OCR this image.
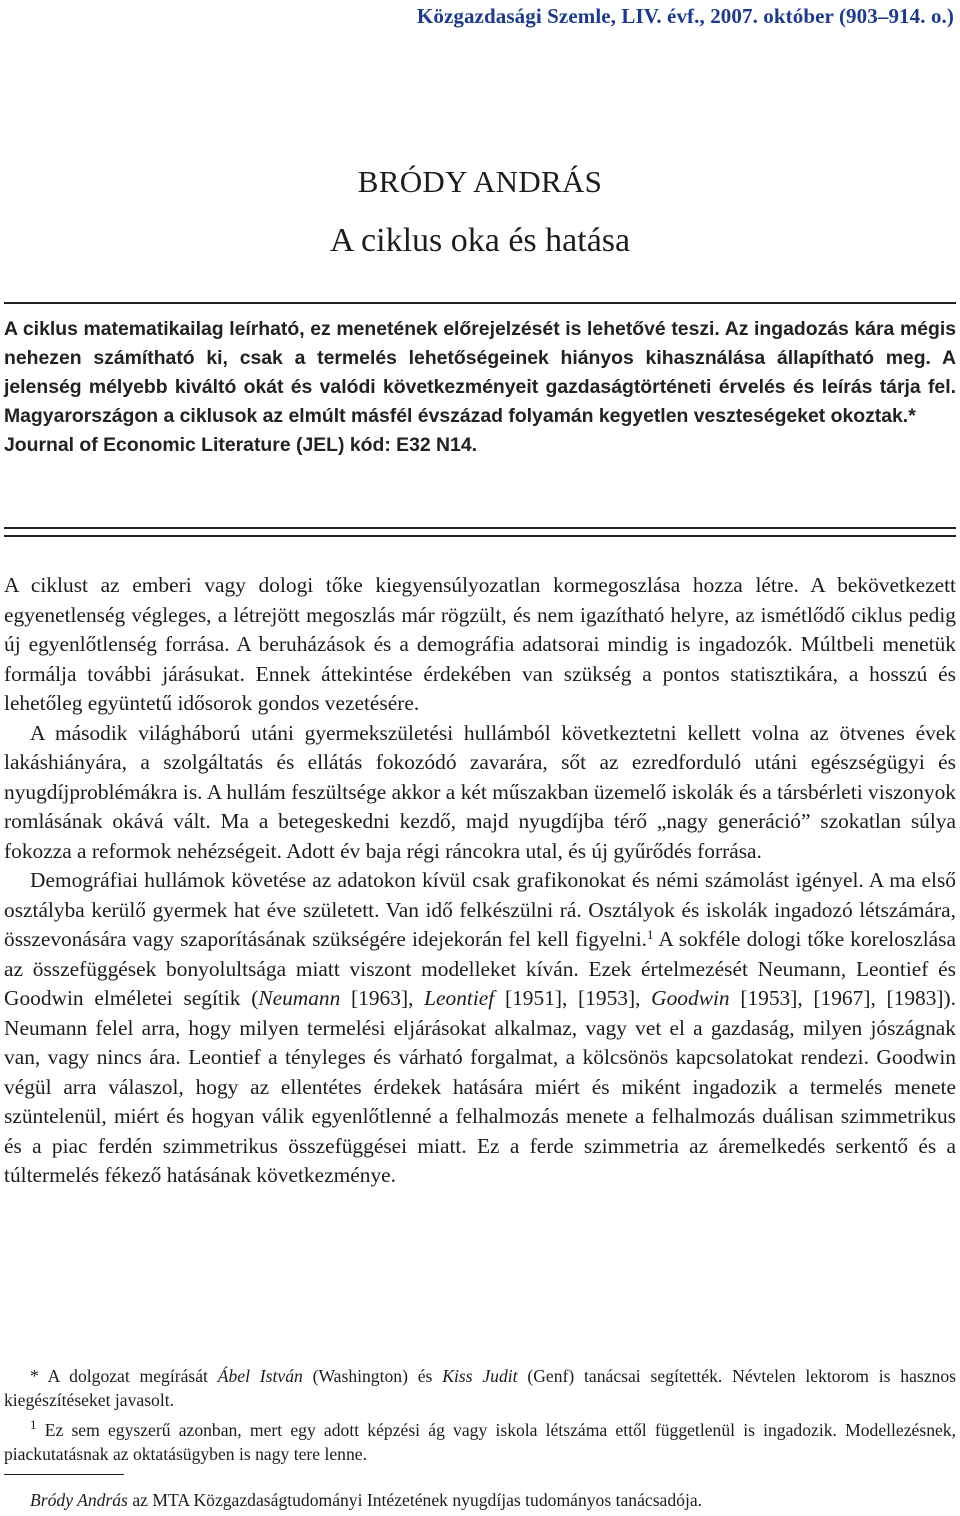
Közgazdasági Szemle, LIV. évf., 2007. október (903–914. o.)
BRÓDY ANDRÁS
A ciklus oka és hatása

A ciklus matematikailag leírható, ez menetének előrejelzését is lehetővé teszi. Az ingadozás kára mégis nehezen számítható ki, csak a termelés lehetőségeinek hiányos kihasználása állapítható meg. A jelenség mélyebb kiváltó okát és valódi következményeit gazdaságtörténeti érvelés és leírás tárja fel. Magyarországon a ciklusok az elmúlt másfél évszázad folyamán kegyetlen veszteségeket okoztak.*

Journal of Economic Literature (JEL) kód: E32 N14.

A ciklust az emberi vagy dologi tőke kiegyensúlyozatlan kormegoszlása hozza létre. A bekövetkezett egyenetlenség végleges, a létrejött megoszlás már rögzült, és nem igazítható helyre, az ismétlődő ciklus pedig új egyenlőtlenség forrása. A beruházások és a demográfia adatsorai mindig is ingadozók. Múltbeli menetük formálja további járásukat. Ennek áttekintése érdekében van szükség a pontos statisztikára, a hosszú és lehetőleg együntetű idősorok gondos vezetésére.

A második világháború utáni gyermekszületési hullámból következtetni kellett volna az ötvenes évek lakáshiányára, a szolgáltatás és ellátás fokozódó zavarára, sőt az ezredforduló utáni egészségügyi és nyugdíjproblémákra is. A hullám feszültsége akkor a két műszakban üzemelő iskolák és a társbérleti viszonyok romlásának okává vált. Ma a betegeskedni kezdő, majd nyugdíjba térő „nagy generáció” szokatlan súlya fokozza a reformok nehézségeit. Adott év baja régi ráncokra utal, és új gyűrődés forrása.

Demográfiai hullámok követése az adatokon kívül csak grafikonokat és némi számolást igényel. A ma első osztályba kerülő gyermek hat éve született. Van idő felkészülni rá. Osztályok és iskolák ingadozó létszámára, összevonására vagy szaporításának szükségére idejekorán fel kell figyelni.$^1$ A sokféle dologi tőke koreloszlása az összefüggések bonyolultsága miatt viszont modelleket kíván. Ezek értelmezését Neumann, Leontief és Goodwin elméletei segítik (Neumann [1963], Leontief [1951], [1953], Goodwin [1953], [1967], [1983]). Neumann felel arra, hogy milyen termelési eljárásokat alkalmaz, vagy vet el a gazdaság, milyen jószágnak van, vagy nincs ára. Leontief a tényleges és várható forgalmat, a kölcsönös kapcsolatokat rendezi. Goodwin végül arra válaszol, hogy az ellentétes érdekek hatására miért és miként ingadozik a termelés menete szüntelenül, miért és hogyan válik egyenlőtlenné a felhalmozás menete a felhalmozás duálisan szimmetrikus és a piac ferdén szimmetrikus összefüggései miatt. Ez a ferde szimmetria az áremelkedés serkentő és a túltermelés fékező hatásának következménye.

* A dolgozat megírását Ábel István (Washington) és Kiss Judit (Genf) tanácsai segítették. Névtelen lektorom is hasznos kiegészítéseket javasolt.

$^1$ Ez sem egyszerű azonban, mert egy adott képzési ág vagy iskola létszáma ettől függetlenül is ingadozik. Modellezésnek, piackutatásnak az oktatásügyben is nagy tere lenne.

Bródy András az MTA Közgazdaságtudományi Intézetének nyugdíjas tudományos tanácsadója.
